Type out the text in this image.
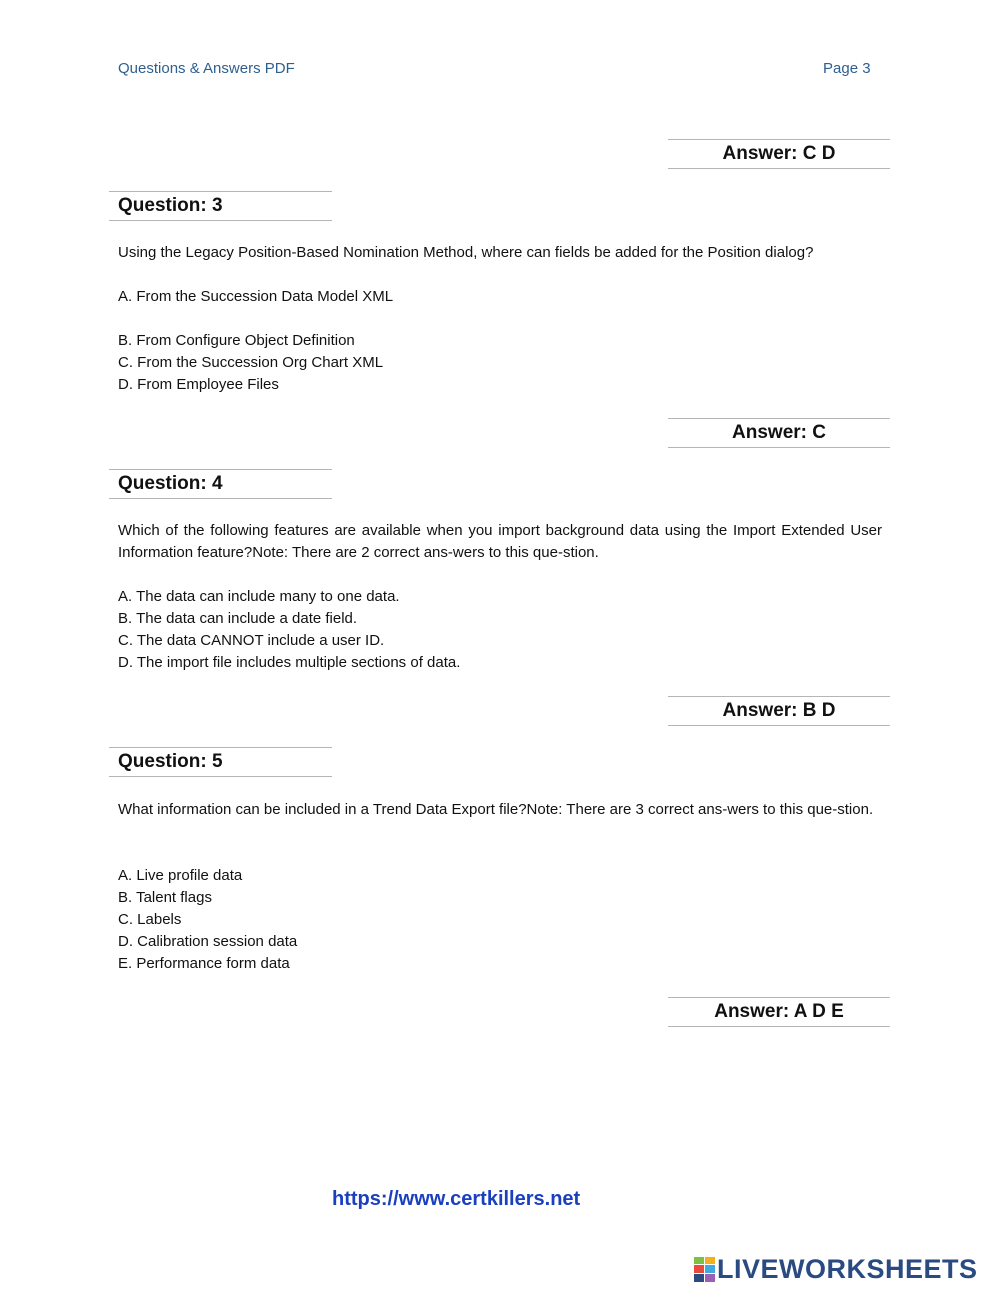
Questions & Answers PDF	Page 3
Answer: C D
Question: 3
Using the Legacy Position-Based Nomination Method, where can fields be added for the Position dialog?
A. From the Succession Data Model XML
B. From Configure Object Definition
C. From the Succession Org Chart XML
D. From Employee Files
Answer: C
Question: 4
Which of the following features are available when you import background data using the Import Extended User Information feature?Note: There are 2 correct ans-wers to this que-stion.
A. The data can include many to one data.
B. The data can include a date field.
C. The data CANNOT include a user ID.
D. The import file includes multiple sections of data.
Answer: B D
Question: 5
What information can be included in a Trend Data Export file?Note: There are 3 correct ans-wers to this que-stion.
A. Live profile data
B. Talent flags
C. Labels
D. Calibration session data
E. Performance form data
Answer: A D E
https://www.certkillers.net
LIVEWORKSHEETS
